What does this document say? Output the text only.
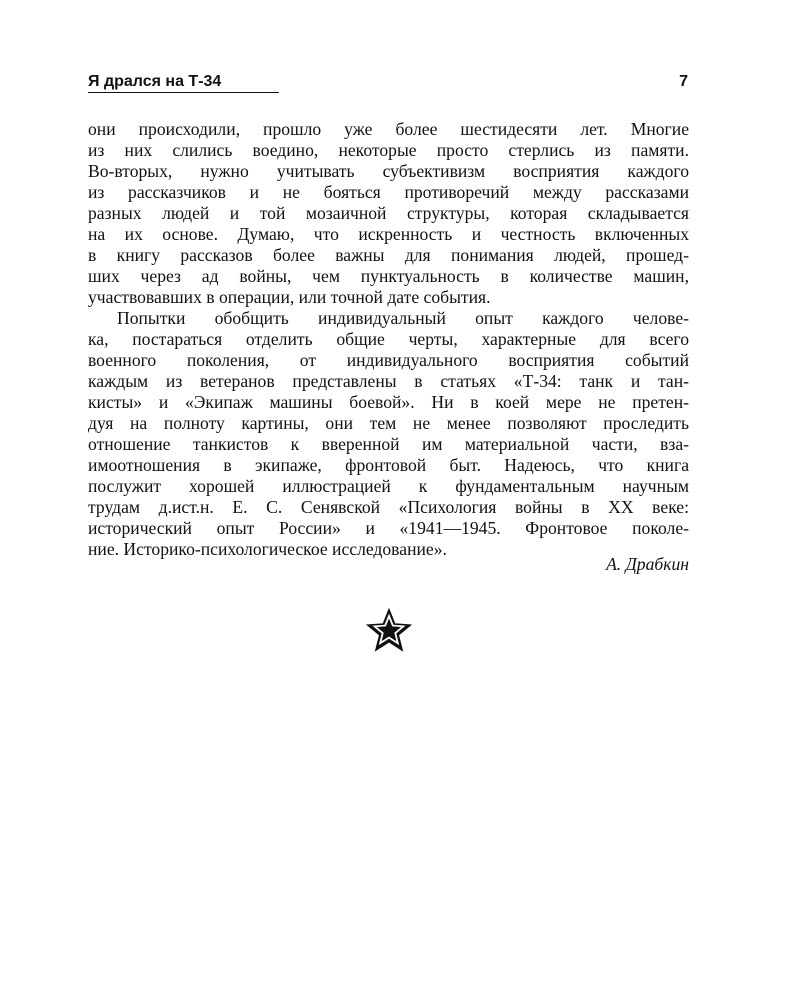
Я дрался на Т-34	7
они происходили, прошло уже более шестидесяти лет. Многие
из них слились воедино, некоторые просто стерлись из памяти.
Во-вторых, нужно учитывать субъективизм восприятия каждого
из рассказчиков и не бояться противоречий между рассказами
разных людей и той мозаичной структуры, которая складывается
на их основе. Думаю, что искренность и честность включенных
в книгу рассказов более важны для понимания людей, прошед-
ших через ад войны, чем пунктуальность в количестве машин,
участвовавших в операции, или точной дате события.
Попытки обобщить индивидуальный опыт каждого челове-
ка, постараться отделить общие черты, характерные для всего
военного поколения, от индивидуального восприятия событий
каждым из ветеранов представлены в статьях «Т-34: танк и тан-
кисты» и «Экипаж машины боевой». Ни в коей мере не претен-
дуя на полноту картины, они тем не менее позволяют проследить
отношение танкистов к вверенной им материальной части, вза-
имоотношения в экипаже, фронтовой быт. Надеюсь, что книга
послужит хорошей иллюстрацией к фундаментальным научным
трудам д.ист.н. Е. С. Сенявской «Психология войны в XX веке:
исторический опыт России» и «1941—1945. Фронтовое поколе-
ние. Историко-психологическое исследование».
А. Драбкин
